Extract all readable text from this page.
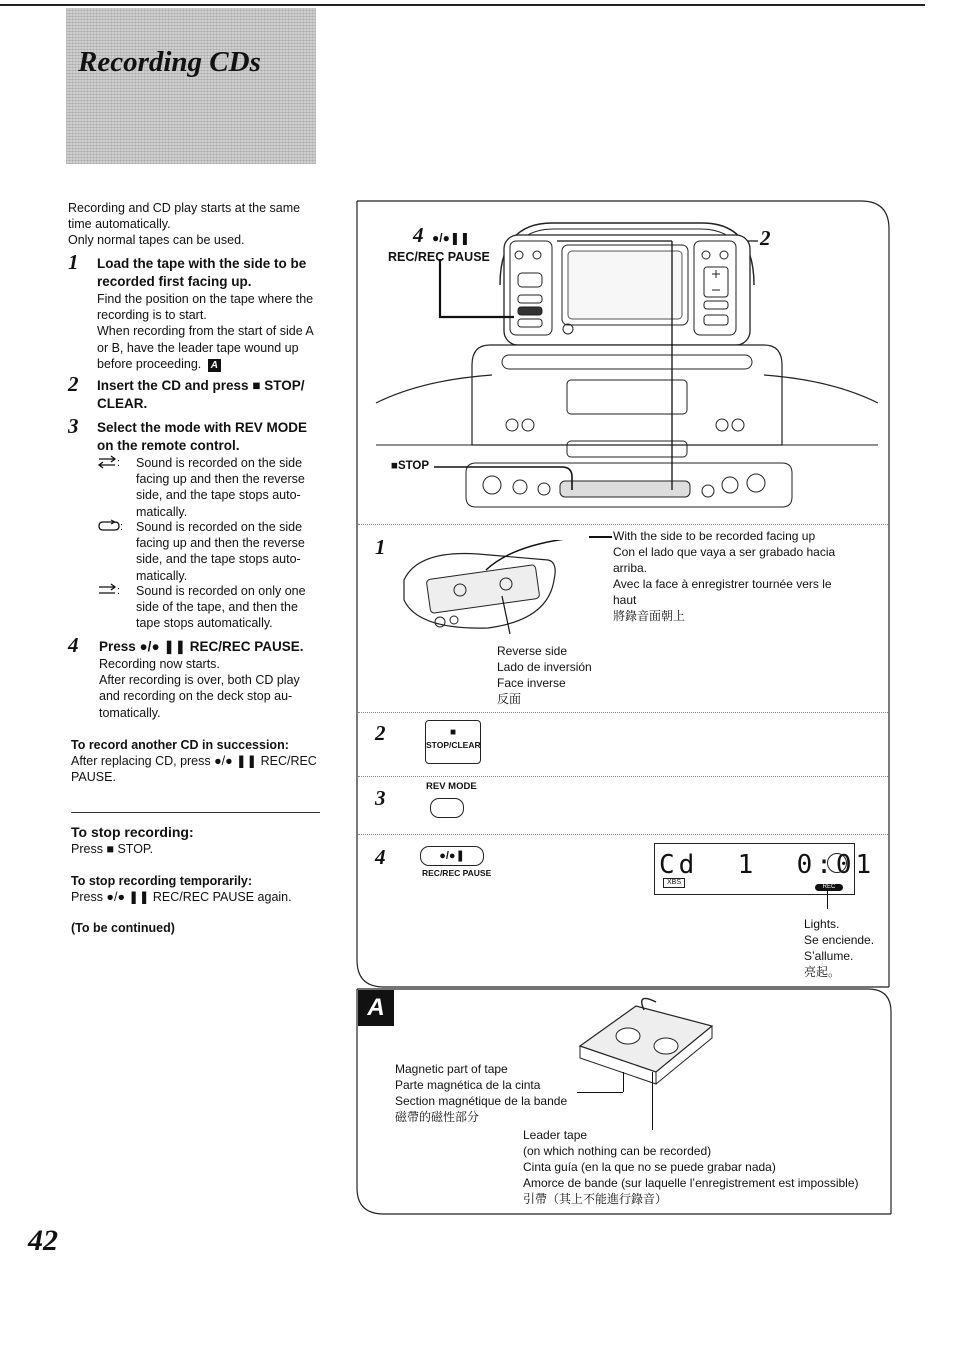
Recording CDs
Recording and CD play starts at the same
time automatically.
Only normal tapes can be used.
1 Load the tape with the side to be
recorded first facing up.
Find the position on the tape where the
recording is to start.
When recording from the start of side A
or B, have the leader tape wound up
before proceeding. A
2 Insert the CD and press ■ STOP/
CLEAR.
3 Select the mode with REV MODE
on the remote control.
: Sound is recorded on the side
facing up and then the reverse
side, and the tape stops auto-
matically.
: Sound is recorded on the side
facing up and then the reverse
side, and the tape stops auto-
matically.
: Sound is recorded on only one
side of the tape, and then the
tape stops automatically.
4 Press ●/● ❚❚ REC/REC PAUSE.
Recording now starts.
After recording is over, both CD play
and recording on the deck stop au-
tomatically.
To record another CD in succession:
After replacing CD, press ●/● ❚❚ REC/REC
PAUSE.
To stop recording:
Press ■ STOP.
To stop recording temporarily:
Press ●/● ❚❚ REC/REC PAUSE again.
(To be continued)
42
4 ●/●❚❚
REC/REC PAUSE
2
■STOP
1	With the side to be recorded facing up
Con el lado que vaya a ser grabado hacia
arriba.
Avec la face à enregistrer tournée vers le
haut
將錄音面朝上
Reverse side
Lado de inversión
Face inverse
反面
2	■
STOP/CLEAR
3	REV MODE
4	●/●❚
REC/REC PAUSE	Cd  1  0:01
XBS
REC
Lights.
Se enciende.
S’allume.
亮起。
A
Magnetic part of tape
Parte magnética de la cinta
Section magnétique de la bande
磁帶的磁性部分
Leader tape
(on which nothing can be recorded)
Cinta guía (en la que no se puede grabar nada)
Amorce de bande (sur laquelle l’enregistrement est impossible)
引帶（其上不能進行錄音）
